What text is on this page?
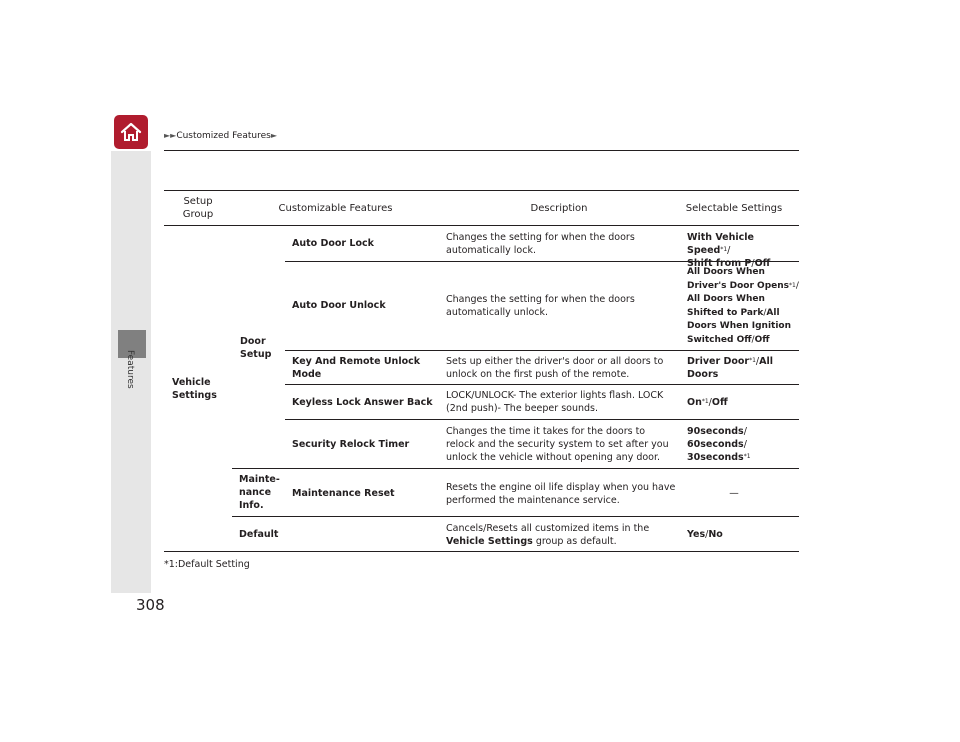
Features
►►Customized Features►
Setup Group
Customizable Features	Description	Selectable Settings
Vehicle Settings
Door Setup
Mainte-nance Info.
Default
Auto Door Lock
Changes the setting for when the doors automatically lock.
With Vehicle Speed$^{*1}$/
Shift from P/Off
Auto Door Unlock
Changes the setting for when the doors automatically unlock.
All Doors When Driver's Door Opens$^{*1}$/ All Doors When Shifted to Park/All Doors When Ignition Switched Off/Off
Key And Remote Unlock Mode
Sets up either the driver's door or all doors to unlock on the first push of the remote.
Driver Door$^{*1}$/All Doors
Keyless Lock Answer Back
LOCK/UNLOCK- The exterior lights flash. LOCK (2nd push)- The beeper sounds.
On$^{*1}$/Off
Security Relock Timer
Changes the time it takes for the doors to relock and the security system to set after you unlock the vehicle without opening any door.
90seconds/
60seconds/
30seconds$^{*1}$
Maintenance Reset
Resets the engine oil life display when you have performed the maintenance service.
—
Cancels/Resets all customized items in the
Vehicle Settings group as default.
Yes/No
*1:Default Setting
308
